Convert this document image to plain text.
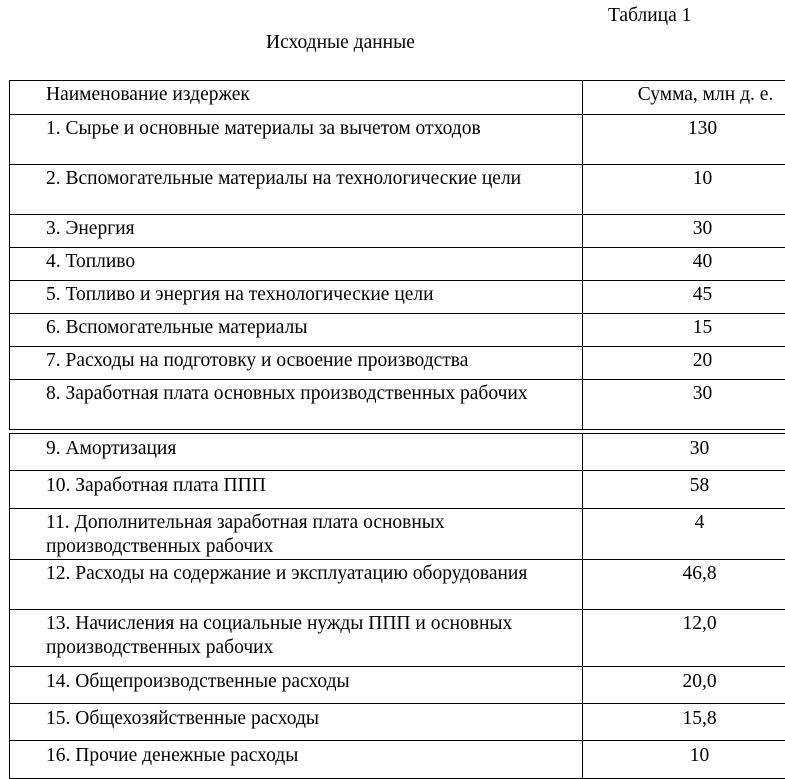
Таблица 1
Исходные данные
Наименование издержек	Сумма, млн д. е.
1. Сырье и основные материалы за вычетом отходов	130
2. Вспомогательные материалы на технологические цели	10
3. Энергия	30
4. Топливо	40
5. Топливо и энергия на технологические цели	45
6. Вспомогательные материалы	15
7. Расходы на подготовку и освоение производства	20
8. Заработная плата основных производственных рабочих	30
9. Амортизация	30
10. Заработная плата ППП	58
11. Дополнительная заработная плата основных производственных рабочих	4
12. Расходы на содержание и эксплуатацию оборудования	46,8
13. Начисления на социальные нужды ППП и основных производственных рабочих	12,0
14. Общепроизводственные расходы	20,0
15. Общехозяйственные расходы	15,8
16. Прочие денежные расходы	10
